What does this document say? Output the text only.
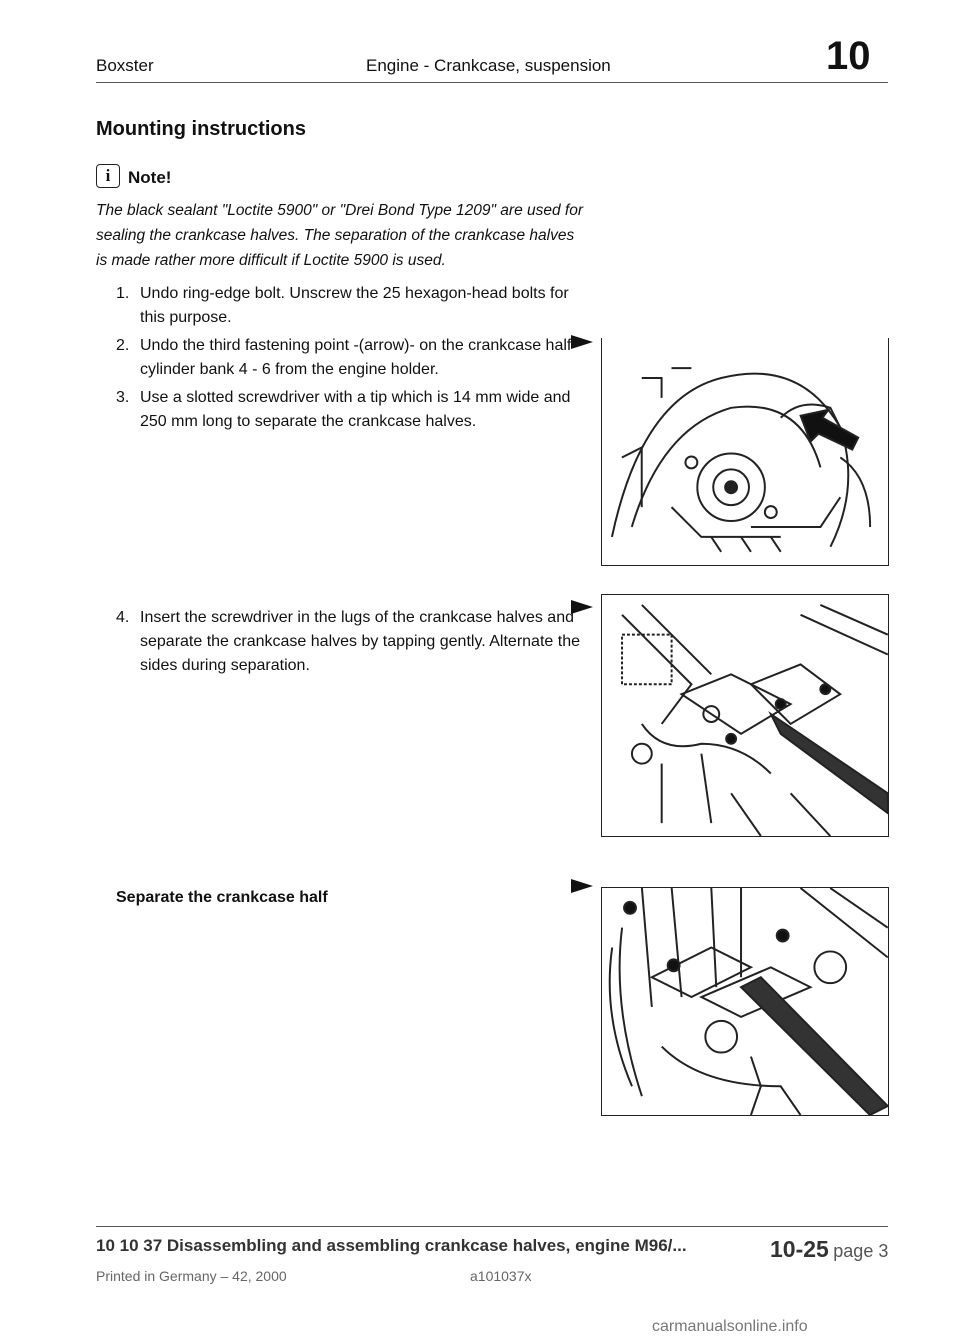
Boxster	Engine - Crankcase, suspension	10
Mounting instructions
i	Note!
The black sealant "Loctite 5900" or "Drei Bond Type 1209" are used for sealing the crankcase halves. The separation of the crankcase halves is made rather more difficult if Loctite 5900 is used.
1. Undo ring-edge bolt. Unscrew the 25 hexagon-head bolts for this purpose.
2. Undo the third fastening point -(arrow)- on the crankcase half cylinder bank 4 - 6 from the engine holder.
3. Use a slotted screwdriver with a tip which is 14 mm wide and 250 mm long to separate the crankcase halves.
4. Insert the screwdriver in the lugs of the crankcase halves and separate the crankcase halves by tapping gently. Alternate the sides during separation.
Separate the crankcase half
10 10 37 Disassembling and assembling crankcase halves, engine M96/...	10-25 page 3
Printed in Germany – 42, 2000	a101037x
carmanualsonline.info
